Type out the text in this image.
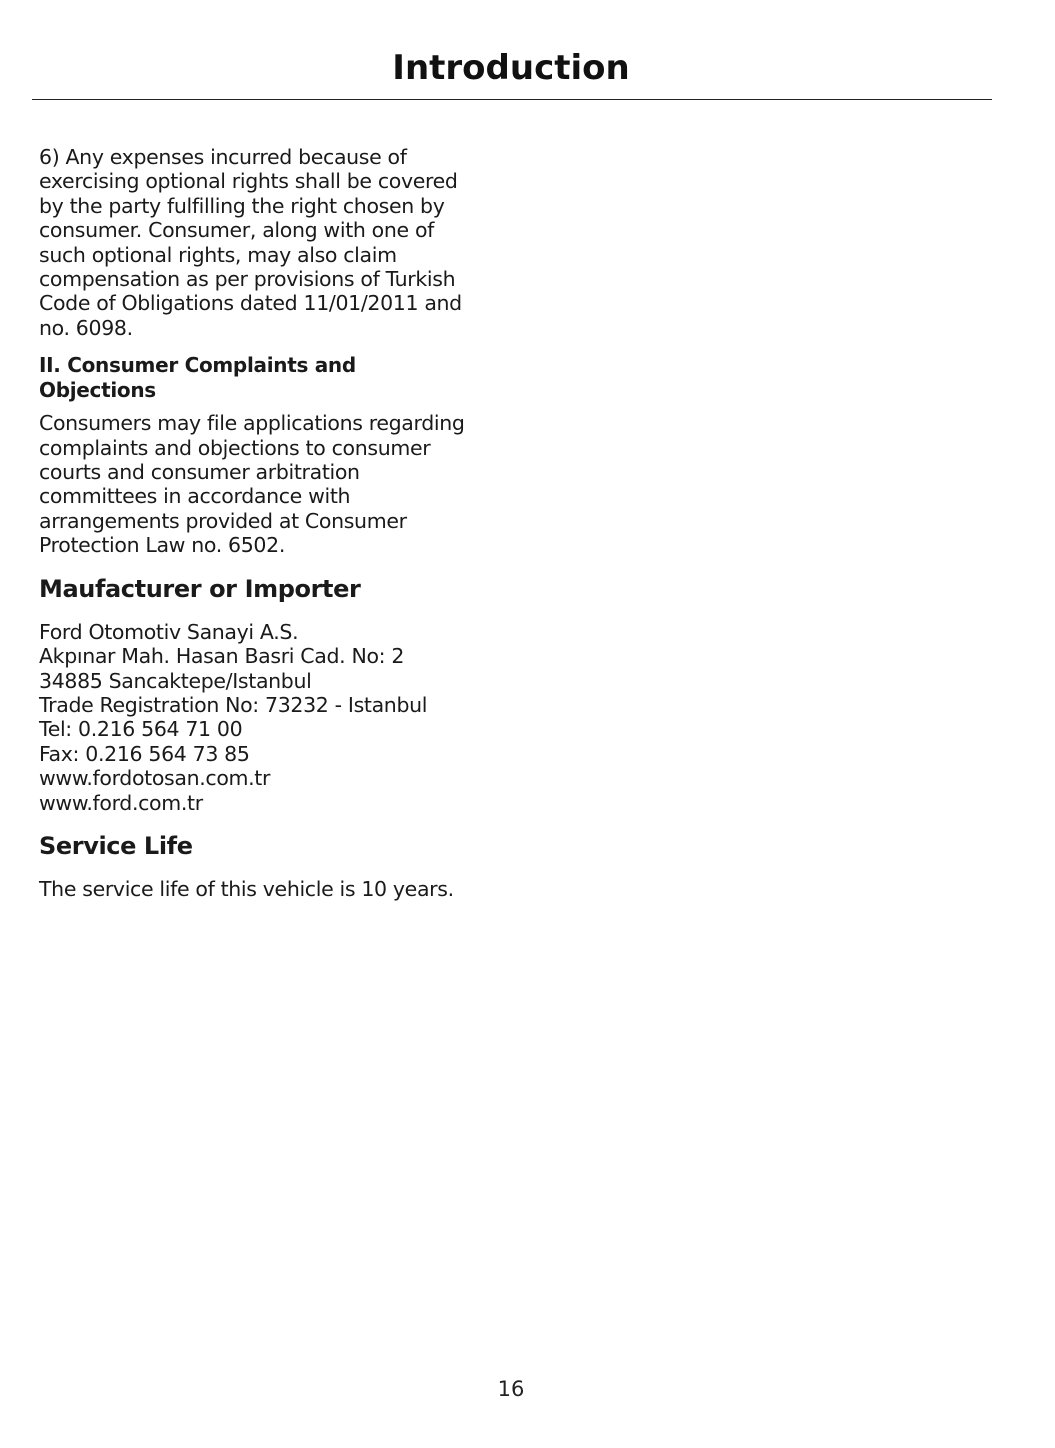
Introduction

6) Any expenses incurred because of
exercising optional rights shall be covered
by the party fulfilling the right chosen by
consumer. Consumer, along with one of
such optional rights, may also claim
compensation as per provisions of Turkish
Code of Obligations dated 11/01/2011 and
no. 6098.

II. Consumer Complaints and
Objections

Consumers may file applications regarding
complaints and objections to consumer
courts and consumer arbitration
committees in accordance with
arrangements provided at Consumer
Protection Law no. 6502.

Maufacturer or Importer
Ford Otomotiv Sanayi A.S.
Akpınar Mah. Hasan Basri Cad. No: 2
34885 Sancaktepe/Istanbul
Trade Registration No: 73232 - Istanbul
Tel: 0.216 564 71 00
Fax: 0.216 564 73 85
www.fordotosan.com.tr
www.ford.com.tr
Service Life

The service life of this vehicle is 10 years.

16
